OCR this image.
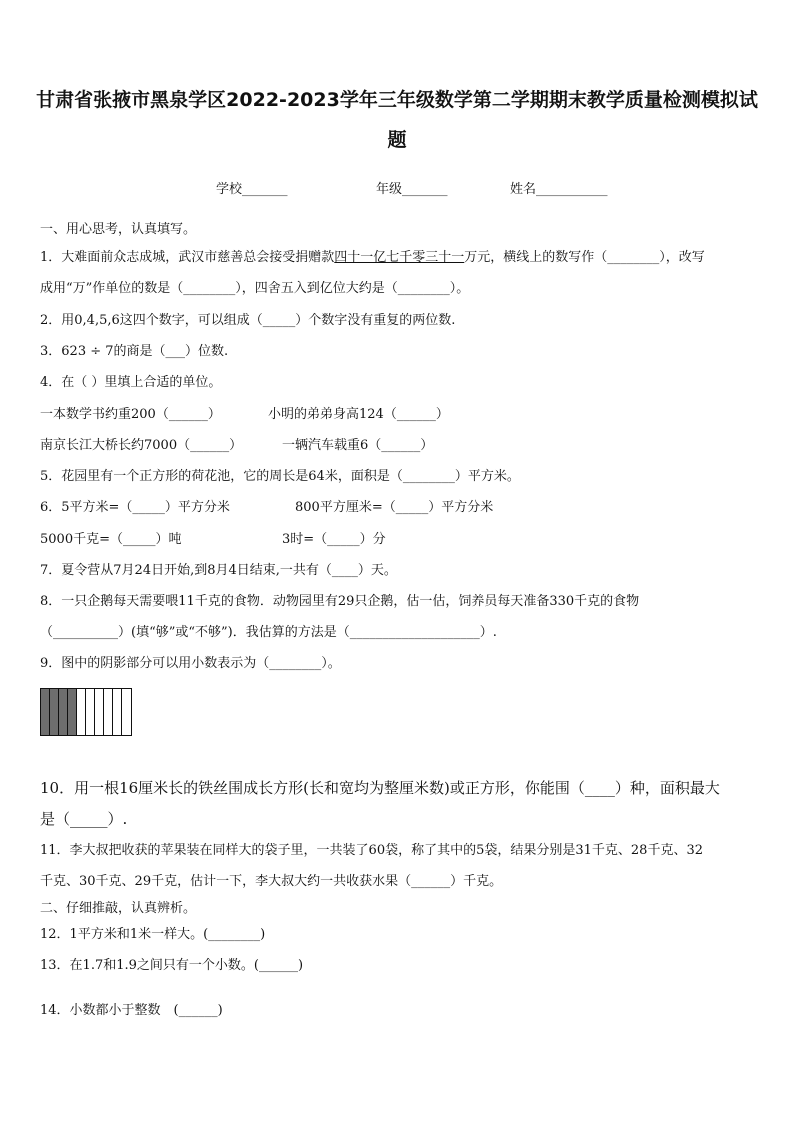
甘肃省张掖市黑泉学区2022-2023学年三年级数学第二学期期末教学质量检测模拟试
题
学校_______	年级_______	姓名___________
一、用心思考，认真填写。
1．大难面前众志成城，武汉市慈善总会接受捐赠款四十一亿七千零三十一万元，横线上的数写作（________），改写
成用“万”作单位的数是（________），四舍五入到亿位大约是（________）。
2．用0,4,5,6这四个数字，可以组成（_____）个数字没有重复的两位数.
3．623 ÷ 7的商是（___）位数.
4．在（ ）里填上合适的单位。
一本数学书约重200（______）	小明的弟弟身高124（______）
南京长江大桥长约7000（______）	一辆汽车载重6（______）
5．花园里有一个正方形的荷花池，它的周长是64米，面积是（________）平方米。
6．5平方米=（_____）平方分米	800平方厘米=（_____）平方分米
5000千克=（_____）吨	3时=（_____）分
7．夏令营从7月24日开始,到8月4日结束,一共有（____）天。
8．一只企鹅每天需要喂11千克的食物．动物园里有29只企鹅，估一估，饲养员每天准备330千克的食物
（__________）(填“够”或“不够”)．我估算的方法是（____________________）.
9．图中的阴影部分可以用小数表示为（________）。
10．用一根16厘米长的铁丝围成长方形(长和宽均为整厘米数)或正方形，你能围（____）种，面积最大
是（_____）.
11．李大叔把收获的苹果装在同样大的袋子里，一共装了60袋，称了其中的5袋，结果分别是31千克、28千克、32
千克、30千克、29千克，估计一下，李大叔大约一共收获水果（______）千克。
二、仔细推敲，认真辨析。
12．1平方米和1米一样大。(________)
13．在1.7和1.9之间只有一个小数。(______)
14．小数都小于整数　(______)
